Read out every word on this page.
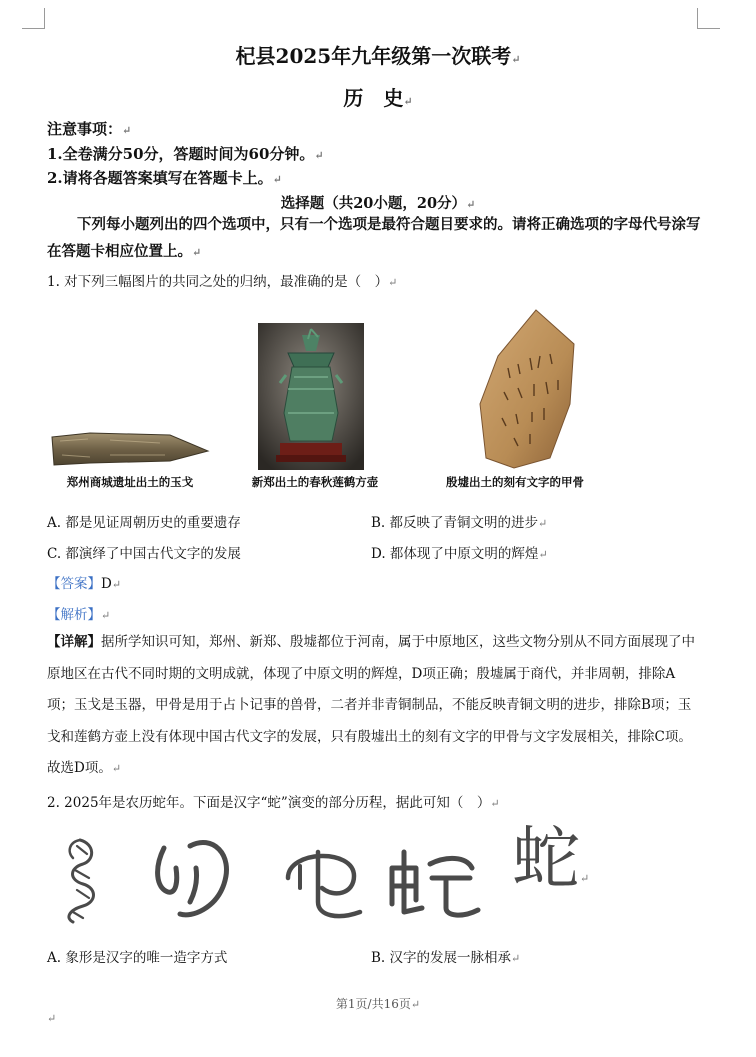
杞县2025年九年级第一次联考↵
历　史↵
注意事项：↵
1.全卷满分50分，答题时间为60分钟。↵
2.请将各题答案填写在答题卡上。↵
选择题（共20小题，20分）↵
下列每小题列出的四个选项中，只有一个选项是最符合题目要求的。请将正确选项的字母代号涂写在答题卡相应位置上。↵
1. 对下列三幅图片的共同之处的归纳，最准确的是（　）↵
郑州商城遗址出土的玉戈	新郑出土的春秋莲鹤方壶	殷墟出土的刻有文字的甲骨
A. 都是见证周朝历史的重要遗存	B. 都反映了青铜文明的进步↵
C. 都演绎了中国古代文字的发展	D. 都体现了中原文明的辉煌↵
【答案】D↵
【解析】↵
【详解】据所学知识可知，郑州、新郑、殷墟都位于河南，属于中原地区，这些文物分别从不同方面展现了中原地区在古代不同时期的文明成就，体现了中原文明的辉煌，D项正确；殷墟属于商代，并非周朝，排除A项；玉戈是玉器，甲骨是用于占卜记事的兽骨，二者并非青铜制品，不能反映青铜文明的进步，排除B项；玉戈和莲鹤方壶上没有体现中国古代文字的发展，只有殷墟出土的刻有文字的甲骨与文字发展相关，排除C项。故选D项。↵
2. 2025年是农历蛇年。下面是汉字“蛇”演变的部分历程，据此可知（　）↵
蛇↵
A. 象形是汉字的唯一造字方式	B. 汉字的发展一脉相承↵
第1页/共16页↵
↵
